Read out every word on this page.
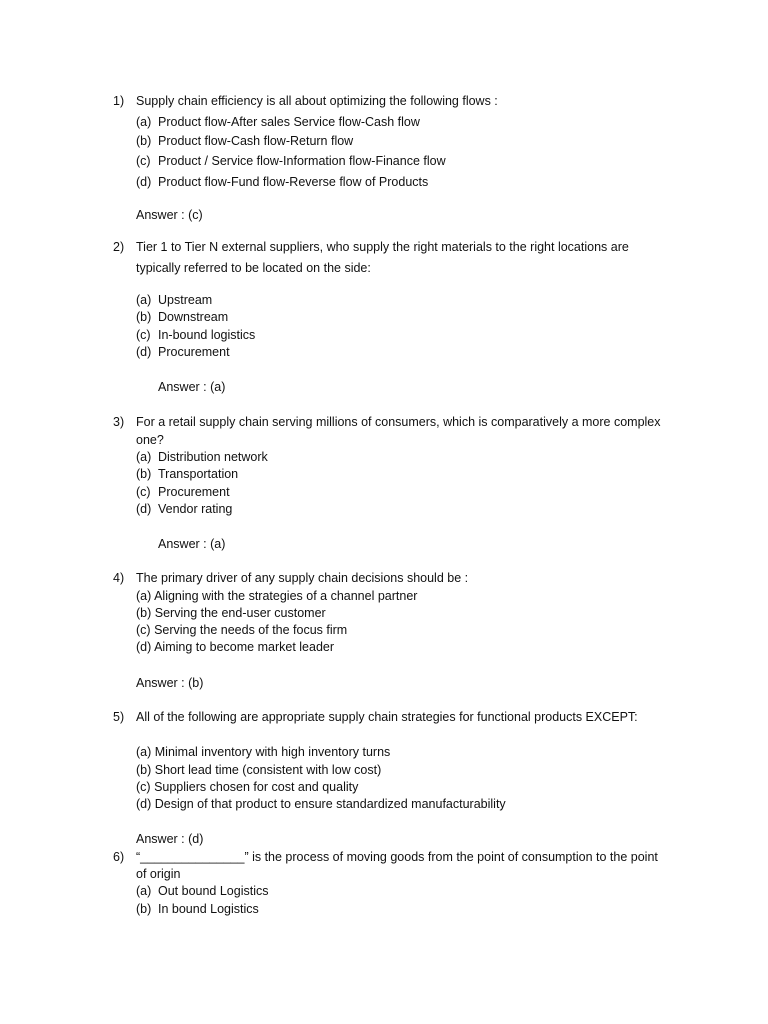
1) Supply chain efficiency is all about optimizing the following flows :
(a) Product flow-After sales Service flow-Cash flow
(b) Product flow-Cash flow-Return flow
(c) Product / Service flow-Information flow-Finance flow
(d) Product flow-Fund flow-Reverse flow of Products
Answer : (c)
2) Tier 1 to Tier N external suppliers, who supply the right materials to the right locations are
typically referred to be located on the side:
(a) Upstream
(b) Downstream
(c) In-bound logistics
(d) Procurement
Answer : (a)
3) For a retail supply chain serving millions of consumers, which is comparatively a more complex
one?
(a) Distribution network
(b) Transportation
(c) Procurement
(d) Vendor rating
Answer : (a)
4) The primary driver of any supply chain decisions should be :
(a) Aligning with the strategies of a channel partner
(b) Serving the end-user customer
(c) Serving the needs of the focus firm
(d) Aiming to become market leader
Answer : (b)
5) All of the following are appropriate supply chain strategies for functional products EXCEPT:
(a) Minimal inventory with high inventory turns
(b) Short lead time (consistent with low cost)
(c) Suppliers chosen for cost and quality
(d) Design of that product to ensure standardized manufacturability
Answer : (d)
6) “_______________” is the process of moving goods from the point of consumption to the point
of origin
(a) Out bound Logistics
(b) In bound Logistics
